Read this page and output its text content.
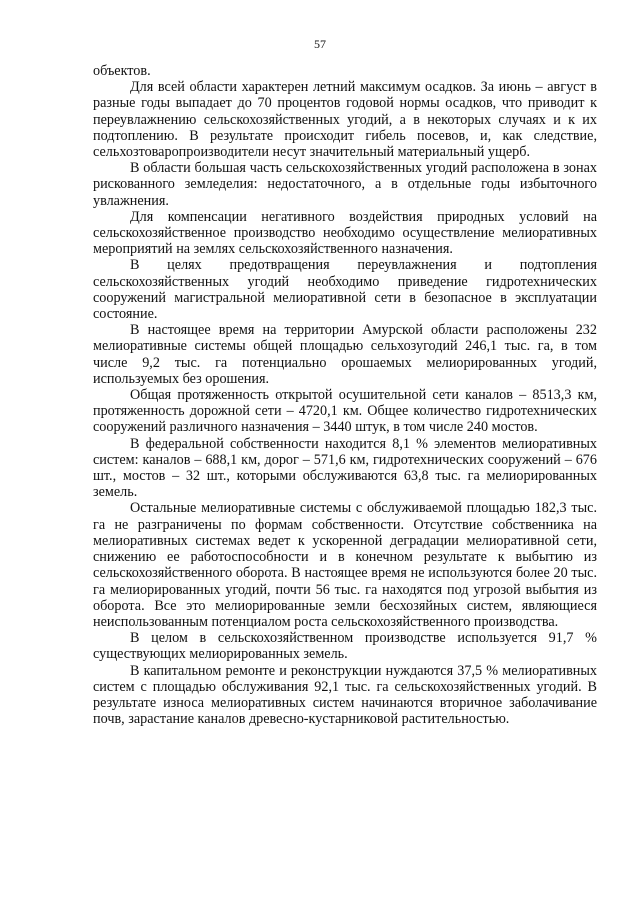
57

объектов.

Для всей области характерен летний максимум осадков. За июнь – август в разные годы выпадает до 70 процентов годовой нормы осадков, что приводит к переувлажнению сельскохозяйственных угодий, а в некоторых случаях и к их подтоплению. В результате происходит гибель посевов, и, как следствие, сельхозтоваропроизводители несут значительный материальный ущерб.

В области большая часть сельскохозяйственных угодий расположена в зонах рискованного земледелия: недостаточного, а в отдельные годы избыточного увлажнения.

Для компенсации негативного воздействия природных условий на сельскохозяйственное производство необходимо осуществление мелиоративных мероприятий на землях сельскохозяйственного назначения.

В целях предотвращения переувлажнения и подтопления сельскохозяйственных угодий необходимо приведение гидротехнических сооружений магистральной мелиоративной сети в безопасное в эксплуатации состояние.

В настоящее время на территории Амурской области расположены 232 мелиоративные системы общей площадью сельхозугодий 246,1 тыс. га, в том числе 9,2 тыс. га потенциально орошаемых мелиорированных угодий, используемых без орошения.

Общая протяженность открытой осушительной сети каналов – 8513,3 км, протяженность дорожной сети – 4720,1 км. Общее количество гидротехнических сооружений различного назначения – 3440 штук, в том числе 240 мостов.

В федеральной собственности находится 8,1 % элементов мелиоративных систем: каналов – 688,1 км, дорог – 571,6 км, гидротехнических сооружений – 676 шт., мостов – 32 шт., которыми обслуживаются 63,8 тыс. га мелиорированных земель.

Остальные мелиоративные системы с обслуживаемой площадью 182,3 тыс. га не разграничены по формам собственности. Отсутствие собственника на мелиоративных системах ведет к ускоренной деградации мелиоративной сети, снижению ее работоспособности и в конечном результате к выбытию из сельскохозяйственного оборота. В настоящее время не используются более 20 тыс. га мелиорированных угодий, почти 56 тыс. га находятся под угрозой выбытия из оборота. Все это мелиорированные земли бесхозяйных систем, являющиеся неиспользованным потенциалом роста сельскохозяйственного производства.

В целом в сельскохозяйственном производстве используется 91,7 % существующих мелиорированных земель.

В капитальном ремонте и реконструкции нуждаются 37,5 % мелиоративных систем с площадью обслуживания 92,1 тыс. га сельскохозяйственных угодий. В результате износа мелиоративных систем начинаются вторичное заболачивание почв, зарастание каналов древесно-кустарниковой растительностью.
